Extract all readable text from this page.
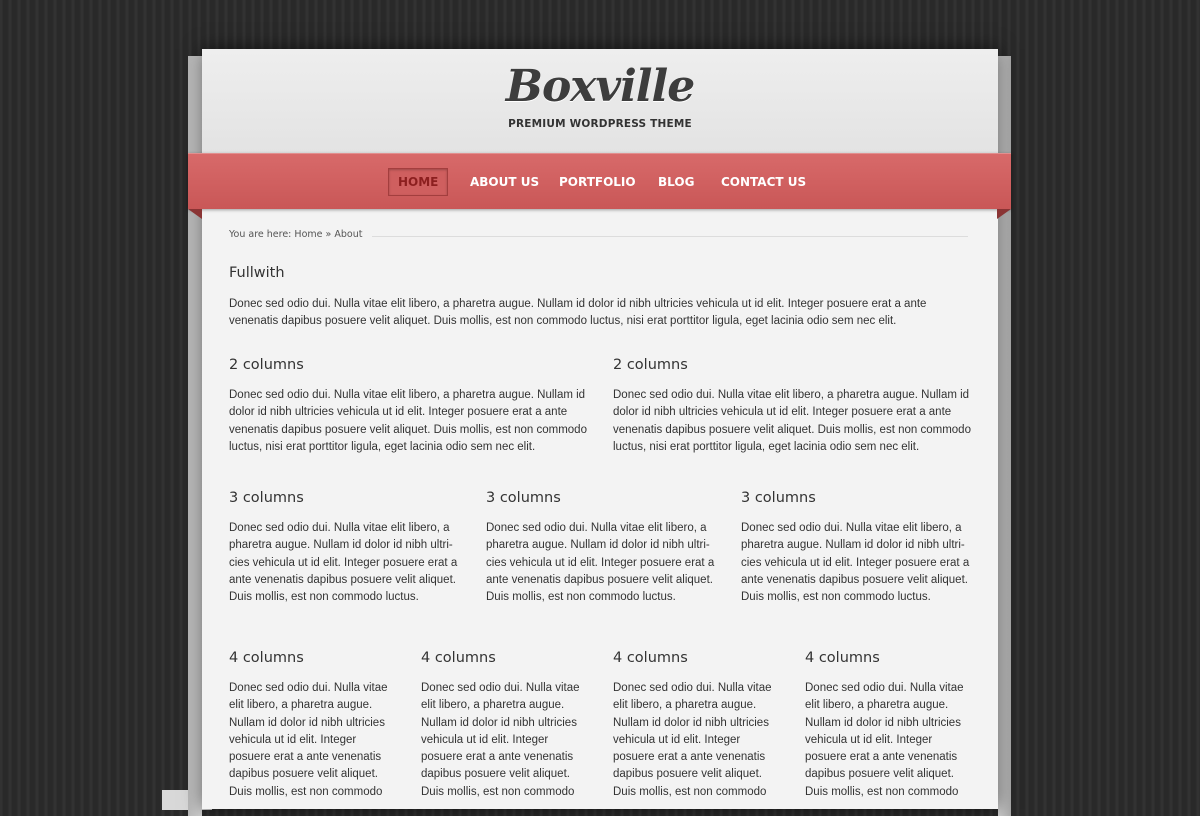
Boxville
PREMIUM WORDPRESS THEME
HOME	ABOUT US PORTFOLIO BLOG CONTACT US
You are here: Home » About
Fullwith

Donec sed odio dui. Nulla vitae elit libero, a pharetra augue. Nullam id dolor id nibh ultricies vehicula ut id elit. Integer posuere erat a ante venenatis dapibus posuere velit aliquet. Duis mollis, est non commodo luctus, nisi erat porttitor ligula, eget lacinia odio sem nec elit.

2 columns

Donec sed odio dui. Nulla vitae elit libero, a pharetra augue. Nullam id dolor id nibh ultricies vehicula ut id elit. Integer posuere erat a ante venenatis dapibus posuere velit aliquet. Duis mollis, est non commodo luctus, nisi erat porttitor ligula, eget lacinia odio sem nec elit.

2 columns

Donec sed odio dui. Nulla vitae elit libero, a pharetra augue. Nullam id dolor id nibh ultricies vehicula ut id elit. Integer posuere erat a ante venenatis dapibus posuere velit aliquet. Duis mollis, est non commodo luctus, nisi erat porttitor ligula, eget lacinia odio sem nec elit.

3 columns

Donec sed odio dui. Nulla vitae elit libero, a pharetra augue. Nullam id dolor id nibh ultri- cies vehicula ut id elit. Integer posuere erat a ante venenatis dapibus posuere velit aliquet. Duis mollis, est non commodo luctus.

3 columns

Donec sed odio dui. Nulla vitae elit libero, a pharetra augue. Nullam id dolor id nibh ultri- cies vehicula ut id elit. Integer posuere erat a ante venenatis dapibus posuere velit aliquet. Duis mollis, est non commodo luctus.

3 columns

Donec sed odio dui. Nulla vitae elit libero, a pharetra augue. Nullam id dolor id nibh ultri- cies vehicula ut id elit. Integer posuere erat a ante venenatis dapibus posuere velit aliquet. Duis mollis, est non commodo luctus.

4 columns

Donec sed odio dui. Nulla vitae elit libero, a pharetra augue. Nullam id dolor id nibh ultricies vehicula ut id elit. Integer posuere erat a ante venenatis dapibus posuere velit aliquet. Duis mollis, est non commodo

4 columns

Donec sed odio dui. Nulla vitae elit libero, a pharetra augue. Nullam id dolor id nibh ultricies vehicula ut id elit. Integer posuere erat a ante venenatis dapibus posuere velit aliquet. Duis mollis, est non commodo

4 columns

Donec sed odio dui. Nulla vitae elit libero, a pharetra augue. Nullam id dolor id nibh ultricies vehicula ut id elit. Integer posuere erat a ante venenatis dapibus posuere velit aliquet. Duis mollis, est non commodo

4 columns

Donec sed odio dui. Nulla vitae elit libero, a pharetra augue. Nullam id dolor id nibh ultricies vehicula ut id elit. Integer posuere erat a ante venenatis dapibus posuere velit aliquet. Duis mollis, est non commodo
